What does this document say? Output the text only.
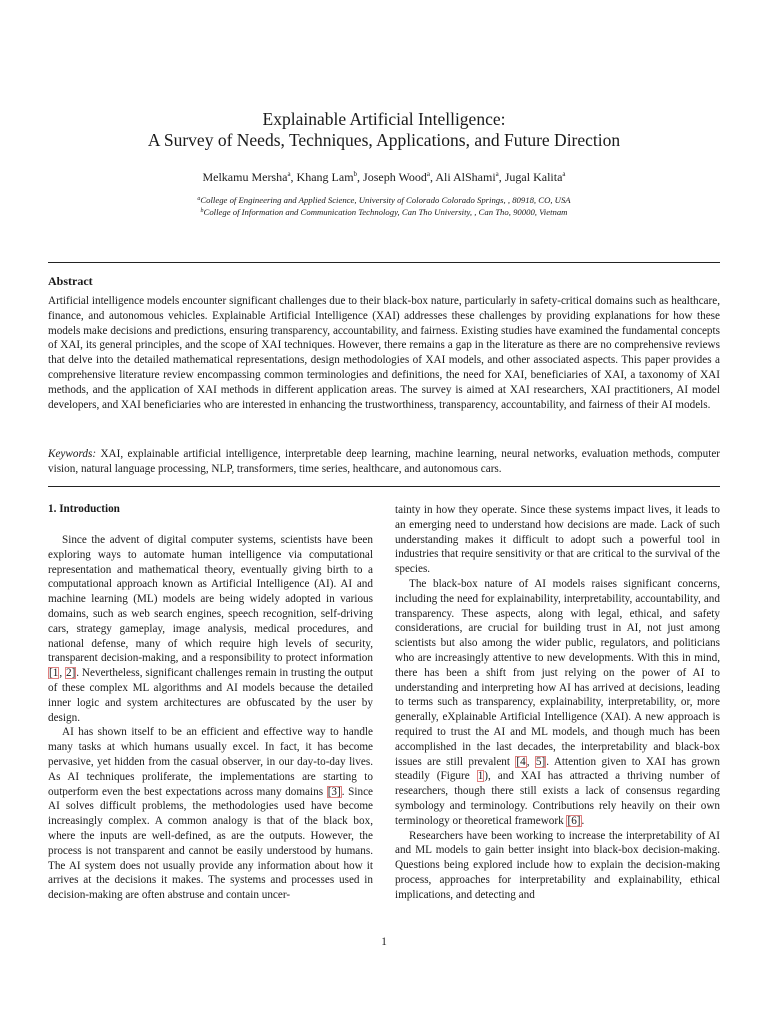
Explainable Artificial Intelligence:
A Survey of Needs, Techniques, Applications, and Future Direction
Melkamu Mersha$^a$, Khang Lam$^b$, Joseph Wood$^a$, Ali AlShami$^a$, Jugal Kalita$^a$
$^a$College of Engineering and Applied Science, University of Colorado Colorado Springs, , 80918, CO, USA
$^b$College of Information and Communication Technology, Can Tho University, , Can Tho, 90000, Vietnam
Abstract
Artificial intelligence models encounter significant challenges due to their black-box nature, particularly in safety-critical domains such as healthcare, finance, and autonomous vehicles. Explainable Artificial Intelligence (XAI) addresses these challenges by providing explanations for how these models make decisions and predictions, ensuring transparency, accountability, and fairness. Existing studies have examined the fundamental concepts of XAI, its general principles, and the scope of XAI techniques. However, there remains a gap in the literature as there are no comprehensive reviews that delve into the detailed mathematical representations, design methodologies of XAI models, and other associated aspects. This paper provides a comprehensive literature review encompassing common terminologies and definitions, the need for XAI, beneficiaries of XAI, a taxonomy of XAI methods, and the application of XAI methods in different application areas. The survey is aimed at XAI researchers, XAI practitioners, AI model developers, and XAI beneficiaries who are interested in enhancing the trustworthiness, transparency, accountability, and fairness of their AI models.
Keywords: XAI, explainable artificial intelligence, interpretable deep learning, machine learning, neural networks, evaluation methods, computer vision, natural language processing, NLP, transformers, time series, healthcare, and autonomous cars.
1. Introduction

Since the advent of digital computer systems, scientists have been exploring ways to automate human intelligence via computational representation and mathematical theory, eventually giving birth to a computational approach known as Artificial Intelligence (AI). AI and machine learning (ML) models are being widely adopted in various domains, such as web search engines, speech recognition, self-driving cars, strategy gameplay, image analysis, medical procedures, and national defense, many of which require high levels of security, transparent decision-making, and a responsibility to protect information [1, 2]. Nevertheless, significant challenges remain in trusting the output of these complex ML algorithms and AI models because the detailed inner logic and system architectures are obfuscated by the user by design.

AI has shown itself to be an efficient and effective way to handle many tasks at which humans usually excel. In fact, it has become pervasive, yet hidden from the casual observer, in our day-to-day lives. As AI techniques proliferate, the implementations are starting to outperform even the best expectations across many domains [3]. Since AI solves difficult problems, the methodologies used have become increasingly complex. A common analogy is that of the black box, where the inputs are well-defined, as are the outputs. However, the process is not transparent and cannot be easily understood by humans. The AI system does not usually provide any information about how it arrives at the decisions it makes. The systems and processes used in decision-making are often abstruse and contain uncer-

tainty in how they operate. Since these systems impact lives, it leads to an emerging need to understand how decisions are made. Lack of such understanding makes it difficult to adopt such a powerful tool in industries that require sensitivity or that are critical to the survival of the species.

The black-box nature of AI models raises significant concerns, including the need for explainability, interpretability, accountability, and transparency. These aspects, along with legal, ethical, and safety considerations, are crucial for building trust in AI, not just among scientists but also among the wider public, regulators, and politicians who are increasingly attentive to new developments. With this in mind, there has been a shift from just relying on the power of AI to understanding and interpreting how AI has arrived at decisions, leading to terms such as transparency, explainability, interpretability, or, more generally, eXplainable Artificial Intelligence (XAI). A new approach is required to trust the AI and ML models, and though much has been accomplished in the last decades, the interpretability and black-box issues are still prevalent [4, 5]. Attention given to XAI has grown steadily (Figure 1), and XAI has attracted a thriving number of researchers, though there still exists a lack of consensus regarding symbology and terminology. Contributions rely heavily on their own terminology or theoretical framework [6].

Researchers have been working to increase the interpretability of AI and ML models to gain better insight into black-box decision-making. Questions being explored include how to explain the decision-making process, approaches for interpretability and explainability, ethical implications, and detecting and

1
